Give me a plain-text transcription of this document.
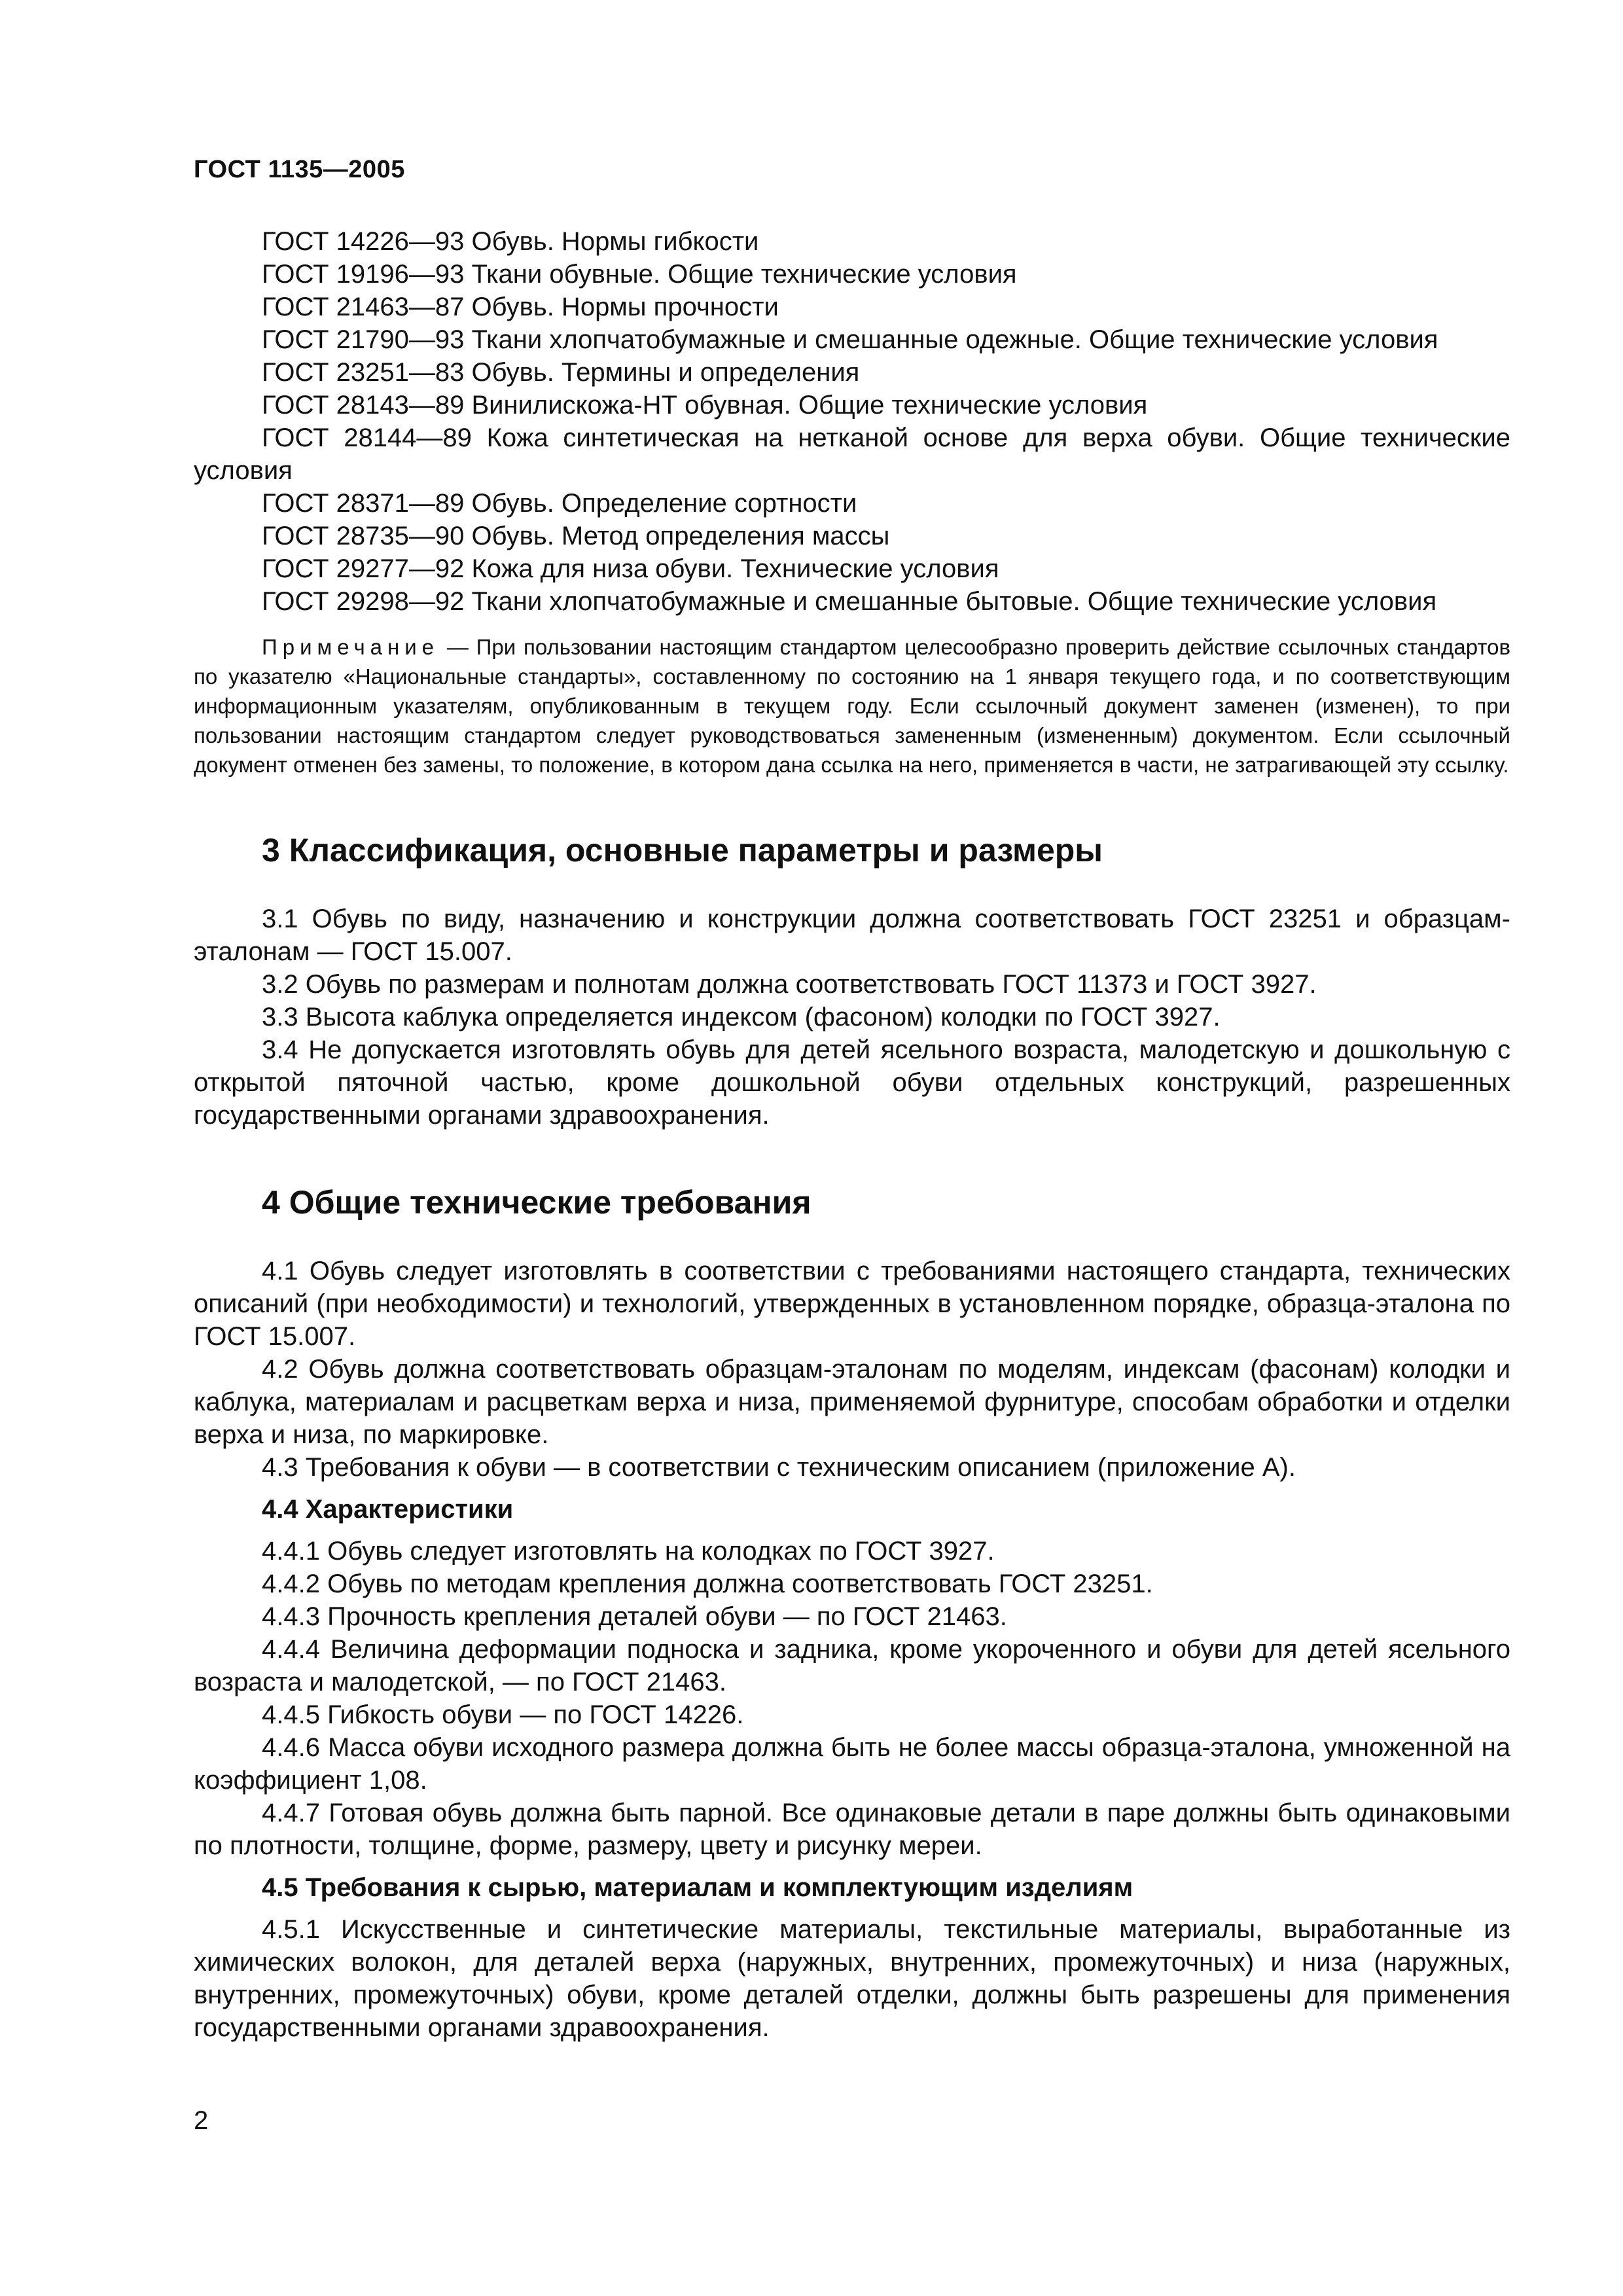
ГОСТ 1135—2005

ГОСТ 14226—93 Обувь. Нормы гибкости

ГОСТ 19196—93 Ткани обувные. Общие технические условия

ГОСТ 21463—87 Обувь. Нормы прочности

ГОСТ 21790—93 Ткани хлопчатобумажные и смешанные одежные. Общие технические условия

ГОСТ 23251—83 Обувь. Термины и определения

ГОСТ 28143—89 Винилискожа-НТ обувная. Общие технические условия

ГОСТ 28144—89 Кожа синтетическая на нетканой основе для верха обуви. Общие технические условия

ГОСТ 28371—89 Обувь. Определение сортности

ГОСТ 28735—90 Обувь. Метод определения массы

ГОСТ 29277—92 Кожа для низа обуви. Технические условия

ГОСТ 29298—92 Ткани хлопчатобумажные и смешанные бытовые. Общие технические условия

Примечание — При пользовании настоящим стандартом целесообразно проверить действие ссылочных стандартов по указателю «Национальные стандарты», составленному по состоянию на 1 января текущего года, и по соответствующим информационным указателям, опубликованным в текущем году. Если ссылочный документ заменен (изменен), то при пользовании настоящим стандартом следует руководствоваться замененным (измененным) документом. Если ссылочный документ отменен без замены, то положение, в котором дана ссылка на него, применяется в части, не затрагивающей эту ссылку.

3 Классификация, основные параметры и размеры

3.1 Обувь по виду, назначению и конструкции должна соответствовать ГОСТ 23251 и образцам-эталонам — ГОСТ 15.007.

3.2 Обувь по размерам и полнотам должна соответствовать ГОСТ 11373 и ГОСТ 3927.

3.3 Высота каблука определяется индексом (фасоном) колодки по ГОСТ 3927.

3.4 Не допускается изготовлять обувь для детей ясельного возраста, малодетскую и дошкольную с открытой пяточной частью, кроме дошкольной обуви отдельных конструкций, разрешенных государственными органами здравоохранения.

4 Общие технические требования

4.1 Обувь следует изготовлять в соответствии с требованиями настоящего стандарта, технических описаний (при необходимости) и технологий, утвержденных в установленном порядке, образца-эталона по ГОСТ 15.007.

4.2 Обувь должна соответствовать образцам-эталонам по моделям, индексам (фасонам) колодки и каблука, материалам и расцветкам верха и низа, применяемой фурнитуре, способам обработки и отделки верха и низа, по маркировке.

4.3 Требования к обуви — в соответствии с техническим описанием (приложение А).

4.4 Характеристики

4.4.1 Обувь следует изготовлять на колодках по ГОСТ 3927.

4.4.2 Обувь по методам крепления должна соответствовать ГОСТ 23251.

4.4.3 Прочность крепления деталей обуви — по ГОСТ 21463.

4.4.4 Величина деформации подноска и задника, кроме укороченного и обуви для детей ясельного возраста и малодетской, — по ГОСТ 21463.

4.4.5 Гибкость обуви — по ГОСТ 14226.

4.4.6 Масса обуви исходного размера должна быть не более массы образца-эталона, умноженной на коэффициент 1,08.

4.4.7 Готовая обувь должна быть парной. Все одинаковые детали в паре должны быть одинаковыми по плотности, толщине, форме, размеру, цвету и рисунку мереи.

4.5 Требования к сырью, материалам и комплектующим изделиям

4.5.1 Искусственные и синтетические материалы, текстильные материалы, выработанные из химических волокон, для деталей верха (наружных, внутренних, промежуточных) и низа (наружных, внутренних, промежуточных) обуви, кроме деталей отделки, должны быть разрешены для применения государственными органами здравоохранения.

2
